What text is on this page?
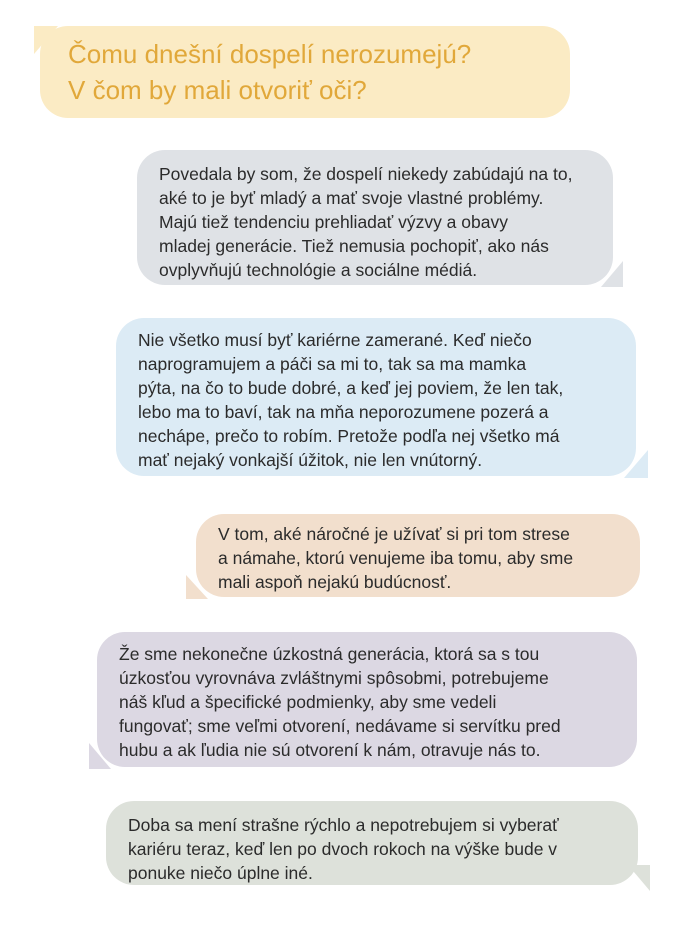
Čomu dnešní dospelí nerozumejú?
V čom by mali otvoriť oči?

Povedala by som, že dospelí niekedy zabúdajú na to,
aké to je byť mladý a mať svoje vlastné problémy.
Majú tiež tendenciu prehliadať výzvy a obavy
mladej generácie. Tiež nemusia pochopiť, ako nás
ovplyvňujú technológie a sociálne médiá.

Nie všetko musí byť kariérne zamerané. Keď niečo
naprogramujem a páči sa mi to, tak sa ma mamka
pýta, na čo to bude dobré, a keď jej poviem, že len tak,
lebo ma to baví, tak na mňa neporozumene pozerá a
nechápe, prečo to robím. Pretože podľa nej všetko má
mať nejaký vonkajší úžitok, nie len vnútorný.

V tom, aké náročné je užívať si pri tom strese
a námahe, ktorú venujeme iba tomu, aby sme
mali aspoň nejakú budúcnosť.

Že sme nekonečne úzkostná generácia, ktorá sa s tou
úzkosťou vyrovnáva zvláštnymi spôsobmi, potrebujeme
náš kľud a špecifické podmienky, aby sme vedeli
fungovať; sme veľmi otvorení, nedávame si servítku pred
hubu a ak ľudia nie sú otvorení k nám, otravuje nás to.

Doba sa mení strašne rýchlo a nepotrebujem si vyberať
kariéru teraz, keď len po dvoch rokoch na výške bude v
ponuke niečo úplne iné.
